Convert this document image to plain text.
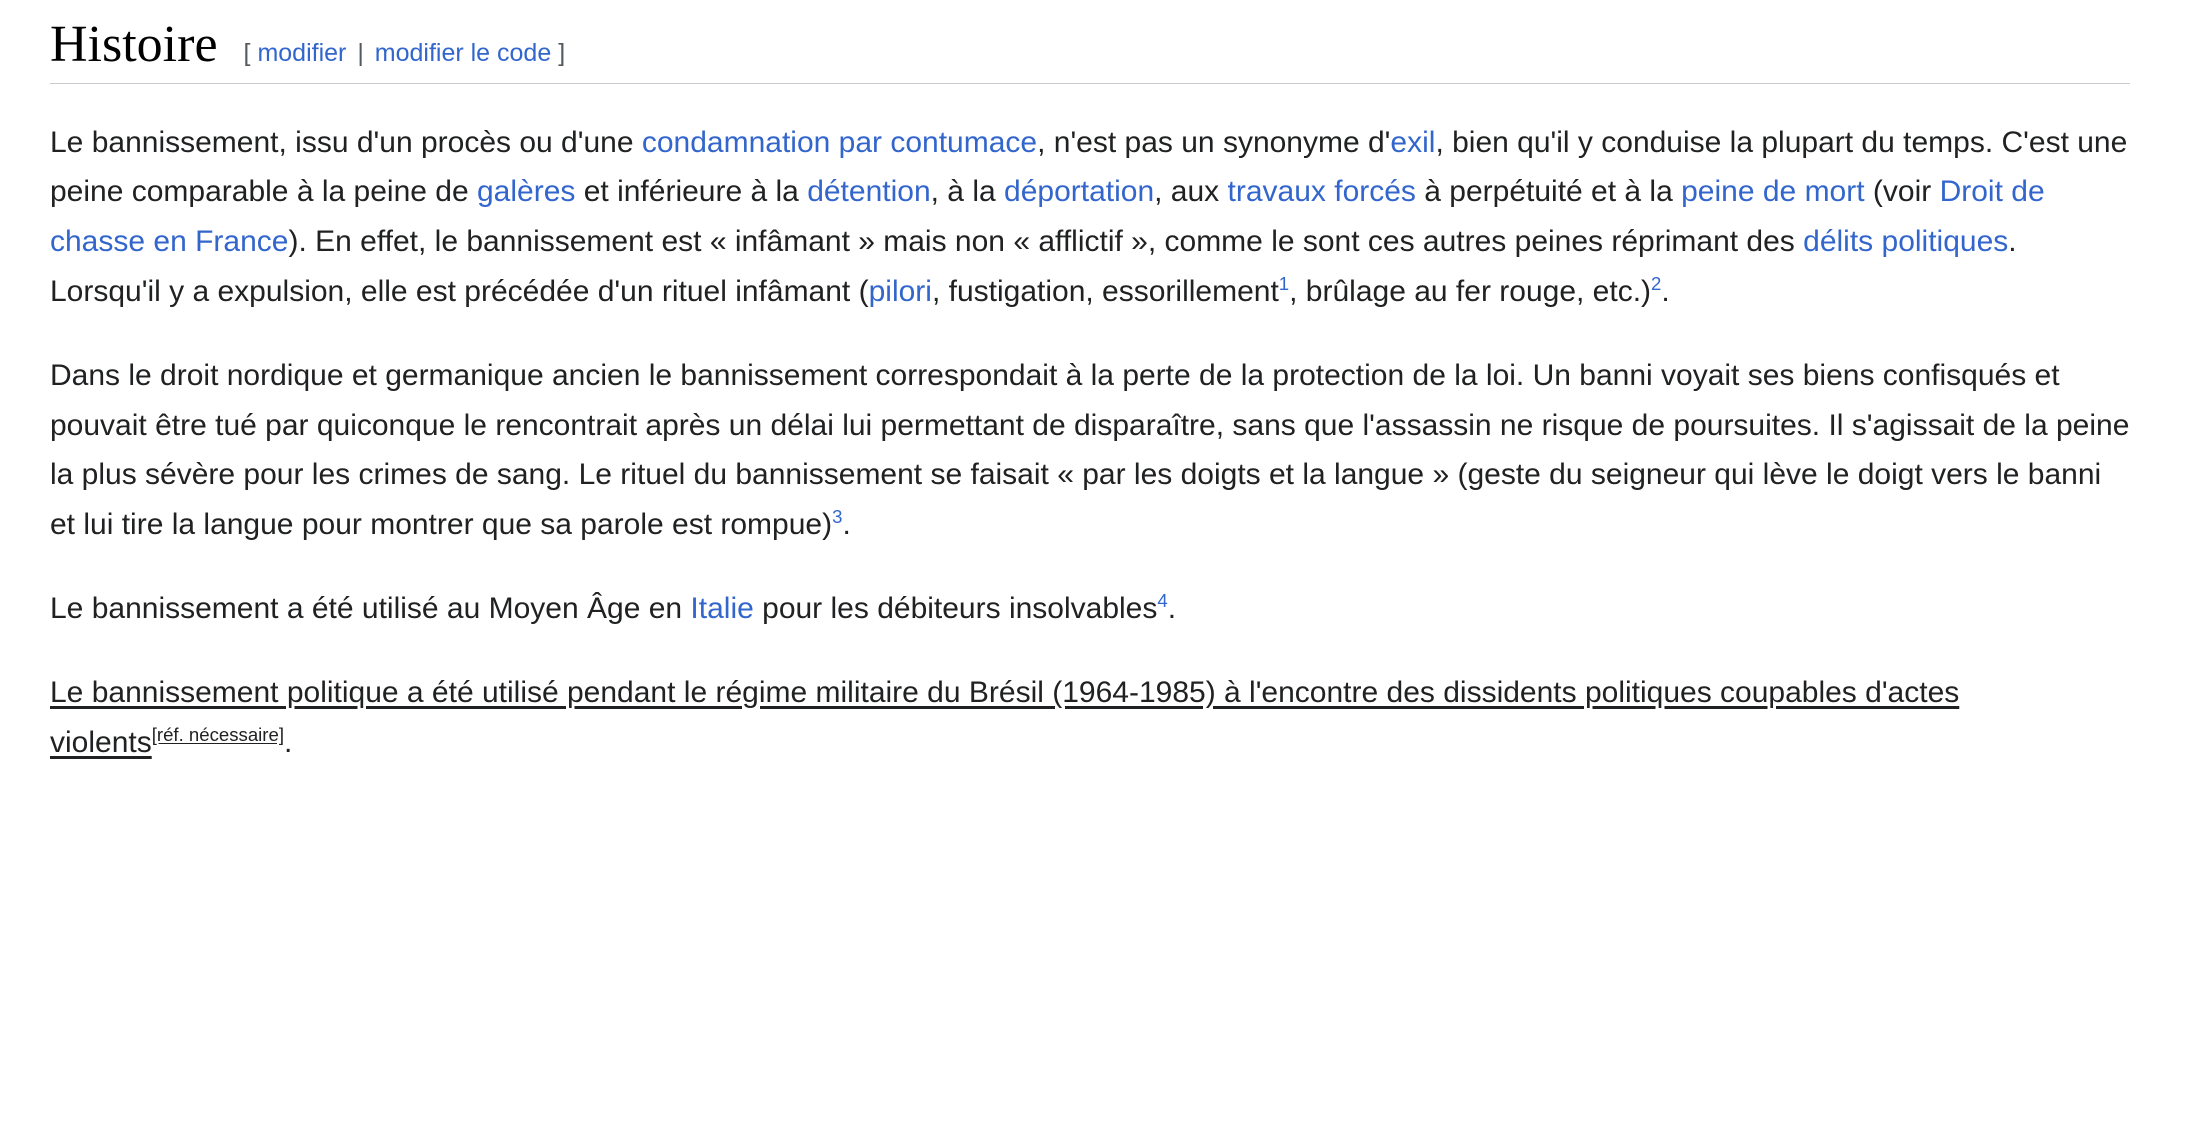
Histoire [ modifier | modifier le code ]

Le bannissement, issu d'un procès ou d'une condamnation par contumace, n'est pas un synonyme d'exil, bien qu'il y conduise la plupart du temps. C'est une peine comparable à la peine de galères et inférieure à la détention, à la déportation, aux travaux forcés à perpétuité et à la peine de mort (voir Droit de chasse en France). En effet, le bannissement est « infâmant » mais non « afflictif », comme le sont ces autres peines réprimant des délits politiques. Lorsqu'il y a expulsion, elle est précédée d'un rituel infâmant (pilori, fustigation, essorillement$^1$, brûlage au fer rouge, etc.)$^2$.

Dans le droit nordique et germanique ancien le bannissement correspondait à la perte de la protection de la loi. Un banni voyait ses biens confisqués et pouvait être tué par quiconque le rencontrait après un délai lui permettant de disparaître, sans que l'assassin ne risque de poursuites. Il s'agissait de la peine la plus sévère pour les crimes de sang. Le rituel du bannissement se faisait « par les doigts et la langue » (geste du seigneur qui lève le doigt vers le banni et lui tire la langue pour montrer que sa parole est rompue)$^3$.

Le bannissement a été utilisé au Moyen Âge en Italie pour les débiteurs insolvables$^4$.

Le bannissement politique a été utilisé pendant le régime militaire du Brésil (1964-1985) à l'encontre des dissidents politiques coupables d'actes violents[réf. nécessaire].
